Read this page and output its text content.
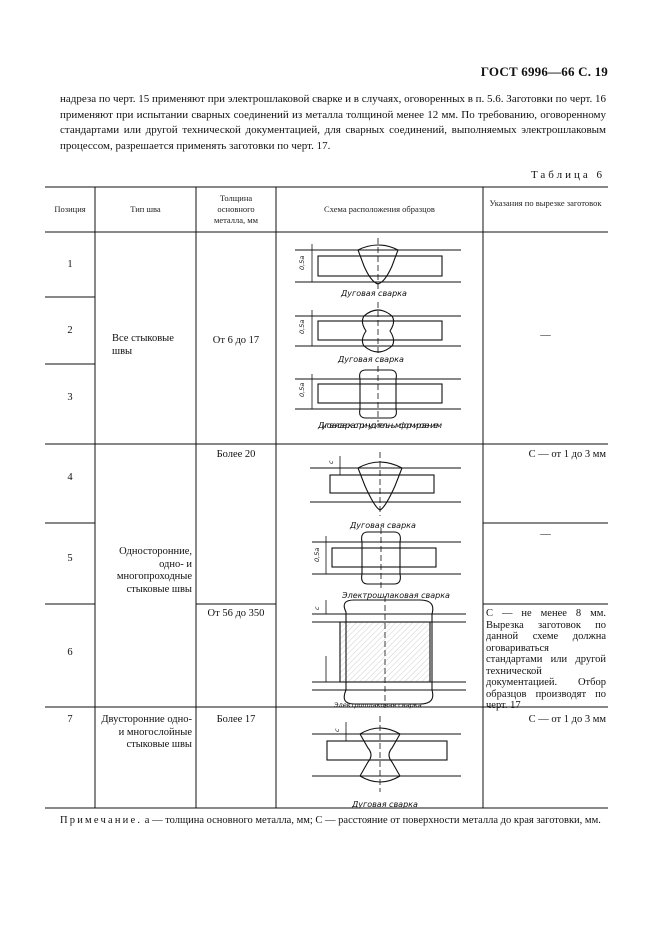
ГОСТ 6996—66 С. 19

надреза по черт. 15 применяют при электрошлаковой сварке и в случаях, оговоренных в п. 5.6. Заготовки по черт. 16 применяют при испытании сварных соединений из металла толщиной менее 12 мм. По требованию, оговоренному стандартами или другой технической документацией, для сварных соединений, выполняемых электрошлаковым процессом, разрешается применять заготовки по черт. 17.

Таблица 6
Позиция	Тип шва
Толщина основного металла, мм
Схема расположения образцов
Указания по вырезке заготовок
1
2
3
4
5
6
7
Все стыковые швы
Односторонние, одно- и многопроходные стыковые швы
Двусторонние одно- и многослойные стыковые швы
От 6 до 17
Более 20
От 56 до 350
Более 17
—
С — от 1 до 3 мм
—
С — не менее 8 мм. Вырезка заготовок по данной схеме должна оговариваться стандартами или другой технической документацией. Отбор образцов производят по черт. 17
С — от 1 до 3 мм
Дуговая сварка
Дуговая сварка
Дуговая сварка с принудительным формированием
Дуговая сварка
Электрошлаковая сварка
Электрошлаковая сварка
Дуговая сварка
0,5a
0,5a
0,5a
c
0,5a
c
c
Примечание. a — толщина основного металла, мм; C — расстояние от поверхности металла до края заготовки, мм.
